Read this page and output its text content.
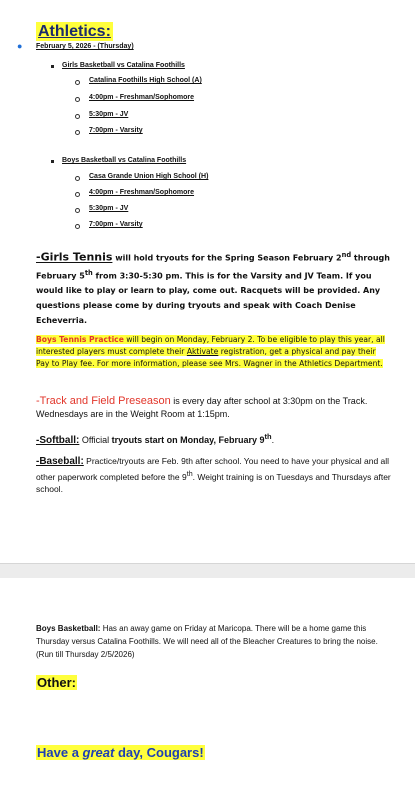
Athletics:
● February 5, 2026 - (Thursday)
Girls Basketball vs Catalina Foothills
Catalina Foothills High School (A)
4:00pm - Freshman/Sophomore
5:30pm - JV
7:00pm - Varsity
Boys Basketball vs Catalina Foothills
Casa Grande Union High School (H)
4:00pm - Freshman/Sophomore
5:30pm - JV
7:00pm - Varsity
-Girls Tennis will hold tryouts for the Spring Season February 2nd through February 5th from 3:30-5:30 pm. This is for the Varsity and JV Team. If you would like to play or learn to play, come out. Racquets will be provided. Any questions please come by during tryouts and speak with Coach Denise Echeverria.
Boys Tennis Practice will begin on Monday, February 2. To be eligible to play this year, all interested players must complete their Aktivate registration, get a physical and pay their Pay to Play fee. For more information, please see Mrs. Wagner in the Athletics Department.
-Track and Field Preseason is every day after school at 3:30pm on the Track. Wednesdays are in the Weight Room at 1:15pm.
-Softball: Official tryouts start on Monday, February 9th.
-Baseball: Practice/tryouts are Feb. 9th after school. You need to have your physical and all other paperwork completed before the 9th. Weight training is on Tuesdays and Thursdays after school.
Boys Basketball: Has an away game on Friday at Maricopa. There will be a home game this Thursday versus Catalina Foothills. We will need all of the Bleacher Creatures to bring the noise. (Run till Thursday 2/5/2026)
Other:
Have a great day, Cougars!
